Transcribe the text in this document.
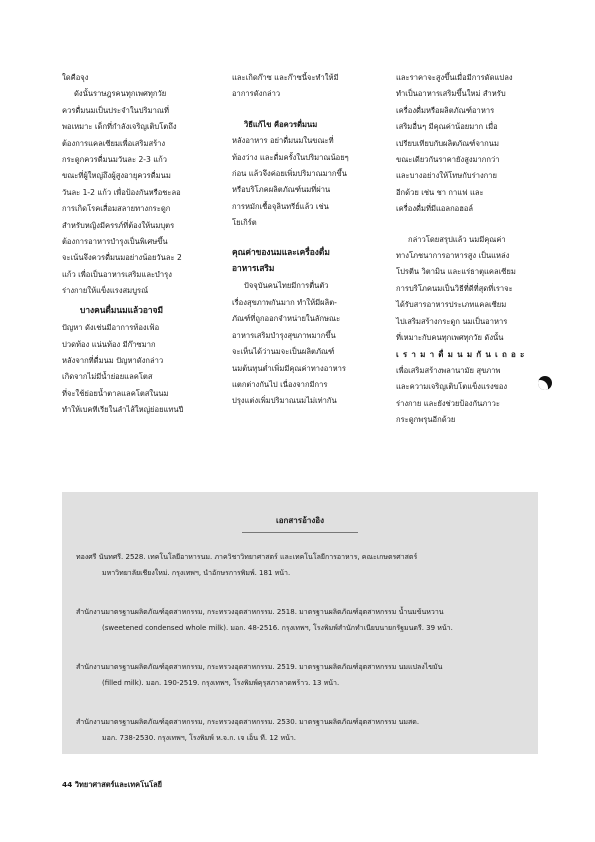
ใดคือจุง

ดังนั้นราษฎรคนทุกเพศทุกวัย

ควรดื่มนมเป็นประจำในปริมาณที่

พอเหมาะ เด็กที่กำลังเจริญเติบโตถึง

ต้องการแคลเซียมเพื่อเสริมสร้าง

กระดูกควรดื่มนมวันละ 2-3 แก้ว

ขณะที่ผู้ใหญ่ถึงผู้สูงอายุควรดื่มนม

วันละ 1-2 แก้ว เพื่อป้องกันหรือชะลอ

การเกิดโรคเสื่อมสลายทางกระดูก

สำหรับหญิงมีครรภ์ที่ต้องให้นมบุตร

ต้องการอาหารบำรุงเป็นพิเศษขึ้น

จะเน้นจึงควรดื่มนมอย่างน้อยวันละ 2

แก้ว เพื่อเป็นอาหารเสริมและบำรุง

ร่างกายให้แข็งแรงสมบูรณ์

บางคนดื่มนมแล้วอาจมี

ปัญหา ดังเช่นมีอาการท้องเฟ้อ

ปวดท้อง แน่นท้อง มีก๊าซมาก

หลังจากที่ดื่มนม ปัญหาดังกล่าว

เกิดจากไม่มีน้ำย่อยแลคโตส

ที่จะใช้ย่อยน้ำตาลแลคโตสในนม

ทำให้เบคทีเรียในลำไส้ใหญ่ย่อยแทนปี

และเกิดก๊าซ และก๊าซนี้จะทำให้มี

อาการดังกล่าว

วิธีแก้ไข คือควรดื่มนม

หลังอาหาร อย่าดื่มนมในขณะที่

ท้องว่าง และดื่มครั้งในปริมาณน้อยๆ

ก่อน แล้วจึงค่อยเพิ่มปริมาณมากขึ้น

หรือบริโภคผลิตภัณฑ์นมที่ผ่าน

การหมักเชื้อจุลินทรีย์แล้ว เช่น

โยเกิร์ต

คุณค่าของนมและเครื่องดื่ม

อาหารเสริม

ปัจจุบันคนไทยมีการตื่นตัว

เรื่องสุขภาพกันมาก ทำให้มีผลิต-

ภัณฑ์ที่ถูกออกจำหน่ายในลักษณะ

อาหารเสริมบำรุงสุขภาพมากขึ้น

จะเห็นได้ว่านมจะเป็นผลิตภัณฑ์

นมต้นทุนต่ำเพิ่มมีคุณค่าทางอาหาร

แตกต่างกันไป เนื่องจากมีการ

ปรุงแต่งเพิ่มปริมาณนมไม่เท่ากัน

และราคาจะสูงขึ้นเมื่อมีการดัดแปลง

ทำเป็นอาหารเสริมขึ้นใหม่ สำหรับ

เครื่องดื่มหรือผลิตภัณฑ์อาหาร

เสริมอื่นๆ มีคุณค่าน้อยมาก เมื่อ

เปรียบเทียบกับผลิตภัณฑ์จากนม

ขณะเดียวกันราคายังสูงมากกว่า

และบางอย่างให้โทษกับร่างกาย

อีกด้วย เช่น ชา กาแฟ และ

เครื่องดื่มที่มีแอลกอฮอล์

กล่าวโดยสรุปแล้ว นมมีคุณค่า

ทางโภชนาการอาหารสูง เป็นแหล่ง

โปรตีน วิตามิน และแร่ธาตุแคลเซียม

การบริโภคนมเป็นวิธีที่ดีที่สุดที่เราจะ

ได้รับสารอาหารประเภทแคลเซียม

ไปเสริมสร้างกระดูก นมเป็นอาหาร

ที่เหมาะกับคนทุกเพศทุกวัย ดังนั้น

เรามาดื่มนมกันเถอะ

เพื่อเสริมสร้างพลานามัย สุขภาพ

และความเจริญเติบโตแข็งแรงของ

ร่างกาย และยังช่วยป้องกันภาวะ

กระดูกพรุนอีกด้วย

เอกสารอ้างอิง
ทองศรี นันทศรี. 2528. เทคโนโลยีอาหารนม. ภาควิชาวิทยาศาสตร์ และเทคโนโลยีการอาหาร, คณะเกษตรศาสตร์
มหาวิทยาลัยเชียงใหม่. กรุงเทพฯ, นำอักษรการพิมพ์. 181 หน้า.
สำนักงานมาตรฐานผลิตภัณฑ์อุตสาหกรรม, กระทรวงอุตสาหกรรม. 2518. มาตรฐานผลิตภัณฑ์อุตสาหกรรม น้ำนมข้นหวาน
(sweetened condensed whole milk). มอก. 48-2516. กรุงเทพฯ, โรงพิมพ์สำนักทำเนียบนายกรัฐมนตรี. 39 หน้า.
สำนักงานมาตรฐานผลิตภัณฑ์อุตสาหกรรม, กระทรวงอุตสาหกรรม. 2519. มาตรฐานผลิตภัณฑ์อุตสาหกรรม นมแปลงไขมัน
(filled milk). มอก. 190-2519. กรุงเทพฯ, โรงพิมพ์คุรุสภาลาดพร้าว. 13 หน้า.
สำนักงานมาตรฐานผลิตภัณฑ์อุตสาหกรรม, กระทรวงอุตสาหกรรม. 2530. มาตรฐานผลิตภัณฑ์อุตสาหกรรม นมสด.
มอก. 738-2530. กรุงเทพฯ, โรงพิมพ์ ห.จ.ก. เจ เอ็น ที. 12 หน้า.
44 วิทยาศาสตร์และเทคโนโลยี
